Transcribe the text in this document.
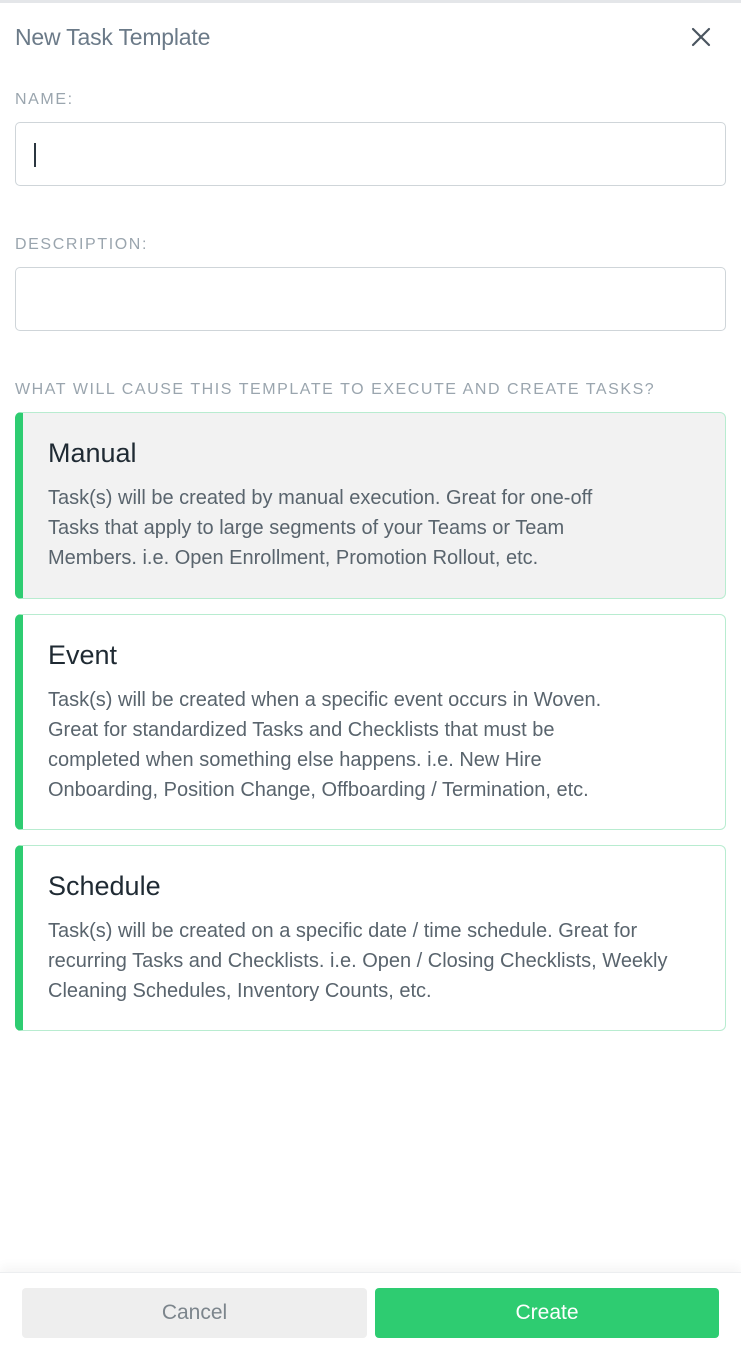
New Task Template
NAME:
DESCRIPTION:
WHAT WILL CAUSE THIS TEMPLATE TO EXECUTE AND CREATE TASKS?
Manual
Task(s) will be created by manual execution. Great for one-off Tasks that apply to large segments of your Teams or Team Members. i.e. Open Enrollment, Promotion Rollout, etc.
Event
Task(s) will be created when a specific event occurs in Woven. Great for standardized Tasks and Checklists that must be completed when something else happens. i.e. New Hire Onboarding, Position Change, Offboarding / Termination, etc.
Schedule
Task(s) will be created on a specific date / time schedule. Great for recurring Tasks and Checklists. i.e. Open / Closing Checklists, Weekly Cleaning Schedules, Inventory Counts, etc.
Cancel	Create
